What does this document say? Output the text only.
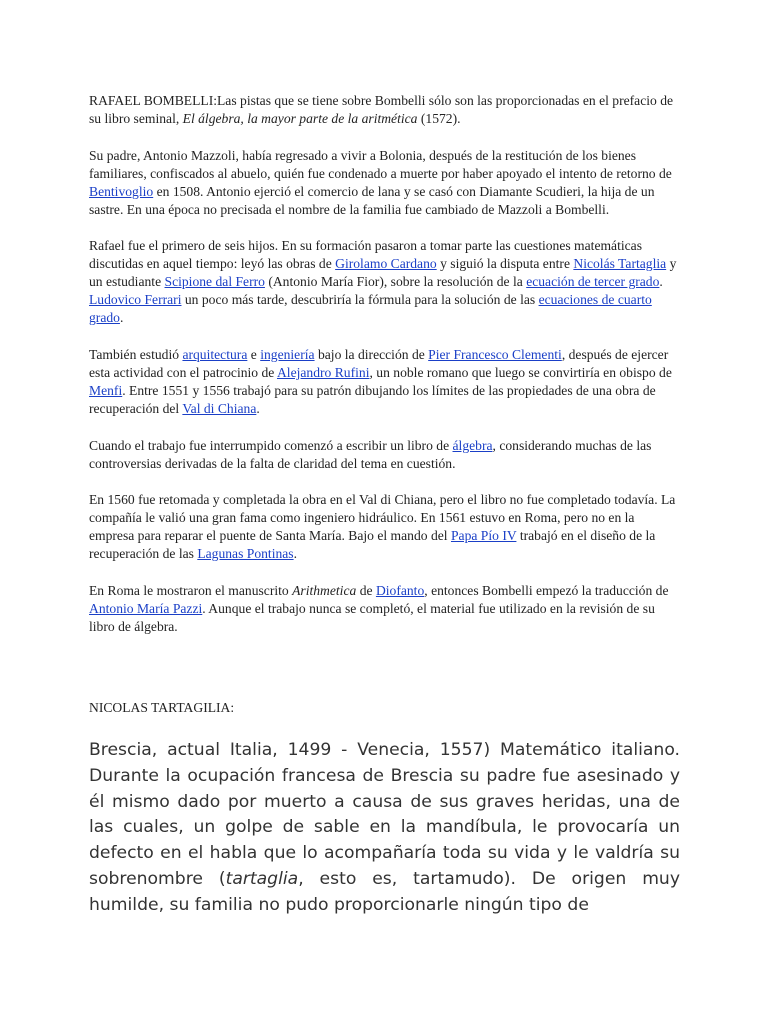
RAFAEL BOMBELLI:Las pistas que se tiene sobre Bombelli sólo son las proporcionadas en el prefacio de su libro seminal, El álgebra, la mayor parte de la aritmética (1572).

Su padre, Antonio Mazzoli, había regresado a vivir a Bolonia, después de la restitución de los bienes familiares, confiscados al abuelo, quién fue condenado a muerte por haber apoyado el intento de retorno de Bentivoglio en 1508. Antonio ejerció el comercio de lana y se casó con Diamante Scudieri, la hija de un sastre. En una época no precisada el nombre de la familia fue cambiado de Mazzoli a Bombelli.

Rafael fue el primero de seis hijos. En su formación pasaron a tomar parte las cuestiones matemáticas discutidas en aquel tiempo: leyó las obras de Girolamo Cardano y siguió la disputa entre Nicolás Tartaglia y un estudiante Scipione dal Ferro (Antonio María Fior), sobre la resolución de la ecuación de tercer grado. Ludovico Ferrari un poco más tarde, descubriría la fórmula para la solución de las ecuaciones de cuarto grado.

También estudió arquitectura e ingeniería bajo la dirección de Pier Francesco Clementi, después de ejercer esta actividad con el patrocinio de Alejandro Rufini, un noble romano que luego se convirtiría en obispo de Menfi. Entre 1551 y 1556 trabajó para su patrón dibujando los límites de las propiedades de una obra de recuperación del Val di Chiana.

Cuando el trabajo fue interrumpido comenzó a escribir un libro de álgebra, considerando muchas de las controversias derivadas de la falta de claridad del tema en cuestión.

En 1560 fue retomada y completada la obra en el Val di Chiana, pero el libro no fue completado todavía. La compañía le valió una gran fama como ingeniero hidráulico. En 1561 estuvo en Roma, pero no en la empresa para reparar el puente de Santa María. Bajo el mando del Papa Pío IV trabajó en el diseño de la recuperación de las Lagunas Pontinas.

En Roma le mostraron el manuscrito Arithmetica de Diofanto, entonces Bombelli empezó la traducción de Antonio María Pazzi. Aunque el trabajo nunca se completó, el material fue utilizado en la revisión de su libro de álgebra.

NICOLAS TARTAGILIA:

Brescia, actual Italia, 1499 - Venecia, 1557) Matemático italiano. Durante la ocupación francesa de Brescia su padre fue asesinado y él mismo dado por muerto a causa de sus graves heridas, una de las cuales, un golpe de sable en la mandíbula, le provocaría un defecto en el habla que lo acompañaría toda su vida y le valdría su sobrenombre (tartaglia, esto es, tartamudo). De origen muy humilde, su familia no pudo proporcionarle ningún tipo de
